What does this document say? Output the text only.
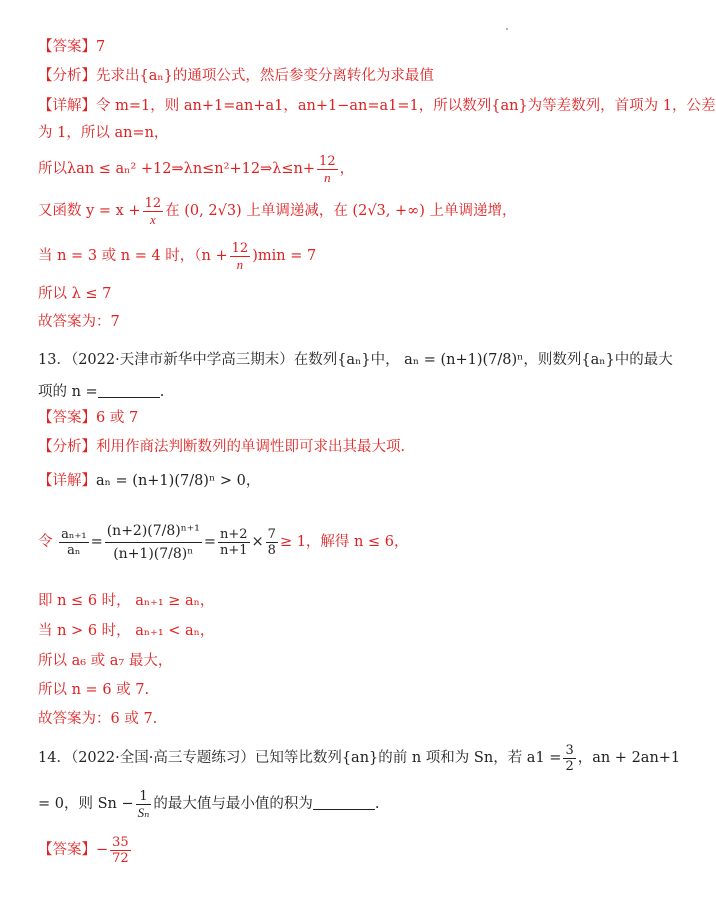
【答案】7
【分析】先求出{aₙ}的通项公式，然后参变分离转化为求最值
【详解】令 m=1，则 an+1=an+a1，an+1−an=a1=1，所以数列{an}为等差数列，首项为 1，公差
为 1，所以 an=n，
所以λan ≤ aₙ² +12⇒λn≤n²+12⇒λ≤n+ $\frac{12}{n}$ ，
又函数 $y = x + \frac{12}{x}$ 在 (0, 2√3) 上单调递减，在 (2√3, +∞) 上单调递增，
当 n = 3 或 n = 4 时，$(n + \frac{12}{n} )\min = 7$
所以 λ ≤ 7
故答案为：7
13．（2022·天津市新华中学高三期末）在数列{aₙ}中， aₙ = (n+1)(7/8)ⁿ，则数列{aₙ}中的最大
项的 n =	.
【答案】6 或 7
【分析】利用作商法判断数列的单调性即可求出其最大项.
【详解】aₙ = (n+1)(7/8)ⁿ > 0，
令 $\frac{\text{aₙ₊₁}}{\text{aₙ}} = \frac{\text{(n+2)(7/8)ⁿ⁺¹}}{\text{(n+1)(7/8)ⁿ}} = \frac{n+2}{n+1} \times \frac{7}{8} \ge 1$，解得 n ≤ 6，
即 n ≤ 6 时， aₙ₊₁ ≥ aₙ，
当 n > 6 时， aₙ₊₁ < aₙ，
所以 a₆ 或 a₇ 最大，
所以 n = 6 或 7.
故答案为：6 或 7.
14．（2022·全国·高三专题练习）已知等比数列{an}的前 n 项和为 Sn，若 $a1 = \frac{3}{2}$ ，an + 2an+1
= 0，则 $Sn - \frac{1}{\text{Sₙ}}$ 的最大值与最小值的积为	.
【答案】− $\frac{35}{72}$
